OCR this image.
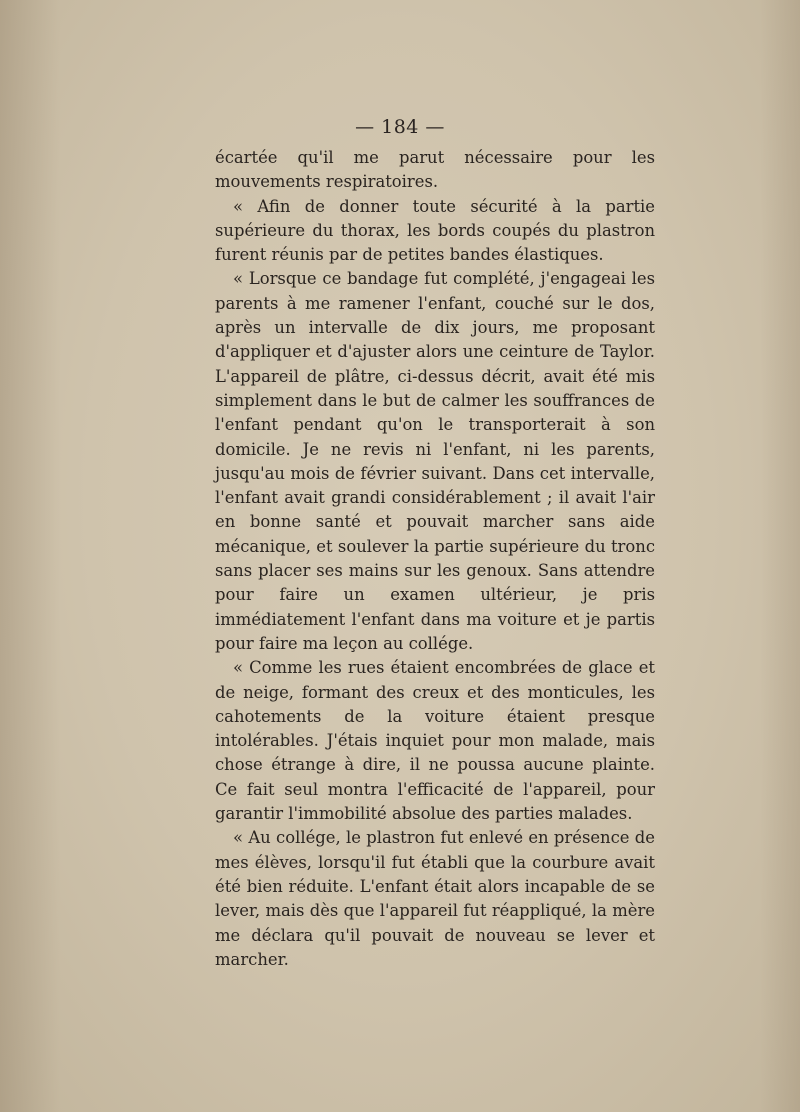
— 184 —

écartée qu'il me parut nécessaire pour les mouvements respiratoires.

« Afin de donner toute sécurité à la partie supérieure du thorax, les bords coupés du plastron furent réunis par de petites bandes élastiques.

« Lorsque ce bandage fut complété, j'engageai les parents à me ramener l'enfant, couché sur le dos, après un intervalle de dix jours, me proposant d'appliquer et d'ajuster alors une ceinture de Taylor. L'appareil de plâtre, ci-dessus décrit, avait été mis simplement dans le but de calmer les souffrances de l'enfant pendant qu'on le transporterait à son domicile. Je ne revis ni l'enfant, ni les parents, jusqu'au mois de février suivant. Dans cet intervalle, l'enfant avait grandi considérablement ; il avait l'air en bonne santé et pouvait marcher sans aide mécanique, et soulever la partie supérieure du tronc sans placer ses mains sur les genoux. Sans attendre pour faire un examen ultérieur, je pris immédiatement l'enfant dans ma voiture et je partis pour faire ma leçon au collége.

« Comme les rues étaient encombrées de glace et de neige, formant des creux et des monticules, les cahotements de la voiture étaient presque intolérables. J'étais inquiet pour mon malade, mais chose étrange à dire, il ne poussa aucune plainte. Ce fait seul montra l'efficacité de l'appareil, pour garantir l'immobilité absolue des parties malades.

« Au collége, le plastron fut enlevé en présence de mes élèves, lorsqu'il fut établi que la courbure avait été bien réduite. L'enfant était alors incapable de se lever, mais dès que l'appareil fut réappliqué, la mère me déclara qu'il pouvait de nouveau se lever et marcher.
